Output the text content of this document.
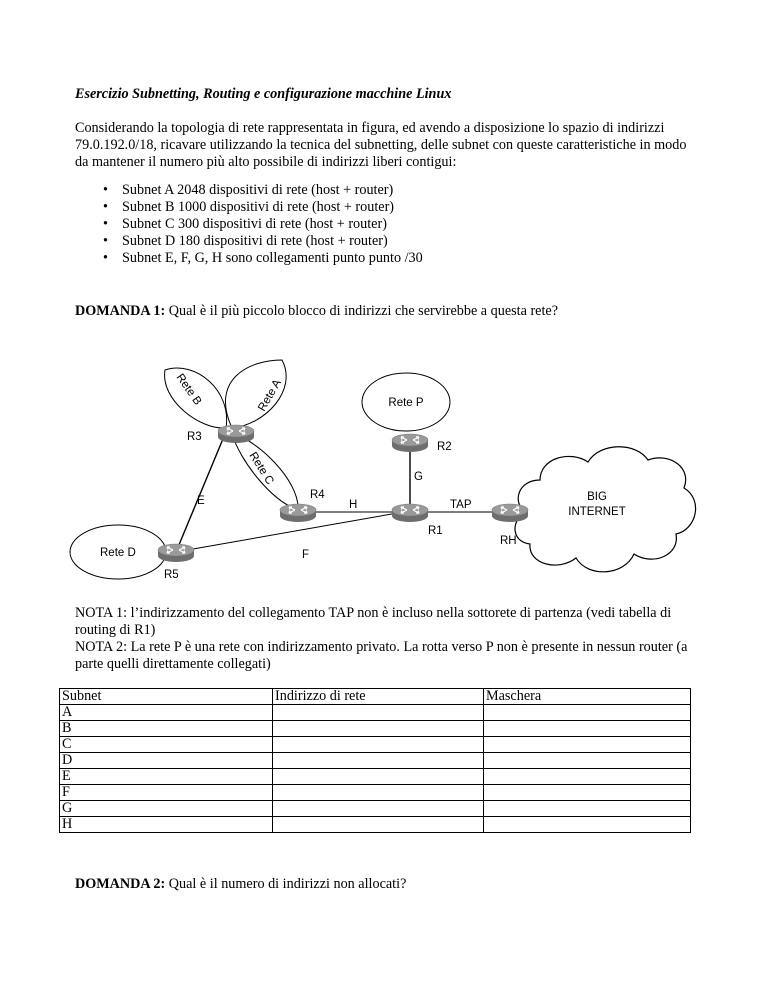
Esercizio Subnetting, Routing e configurazione macchine Linux
Considerando la topologia di rete rappresentata in figura, ed avendo a disposizione lo spazio di indirizzi 79.0.192.0/18, ricavare utilizzando la tecnica del subnetting, delle subnet con queste caratteristiche in modo da mantener il numero più alto possibile di indirizzi liberi contigui:
• Subnet A 2048 dispositivi di rete (host + router)
• Subnet B 1000 dispositivi di rete (host + router)
• Subnet C 300 dispositivi di rete (host + router)
• Subnet D 180 dispositivi di rete (host + router)
• Subnet E, F, G, H sono collegamenti punto punto /30
DOMANDA 1: Qual è il più piccolo blocco di indirizzi che servirebbe a questa rete?
Rete A
Rete B
Rete C
Rete P
Rete D
BIG
INTERNET
R3
R2
R4
R1
RH
R5
E
F
G
H	TAP
NOTA 1: l’indirizzamento del collegamento TAP non è incluso nella sottorete di partenza (vedi tabella di routing di R1)
NOTA 2: La rete P è una rete con indirizzamento privato. La rotta verso P non è presente in nessun router (a parte quelli direttamente collegati)
Subnet	Indirizzo di rete	Maschera
A		
B		
C		
D		
E		
F		
G		
H		
DOMANDA 2: Qual è il numero di indirizzi non allocati?
